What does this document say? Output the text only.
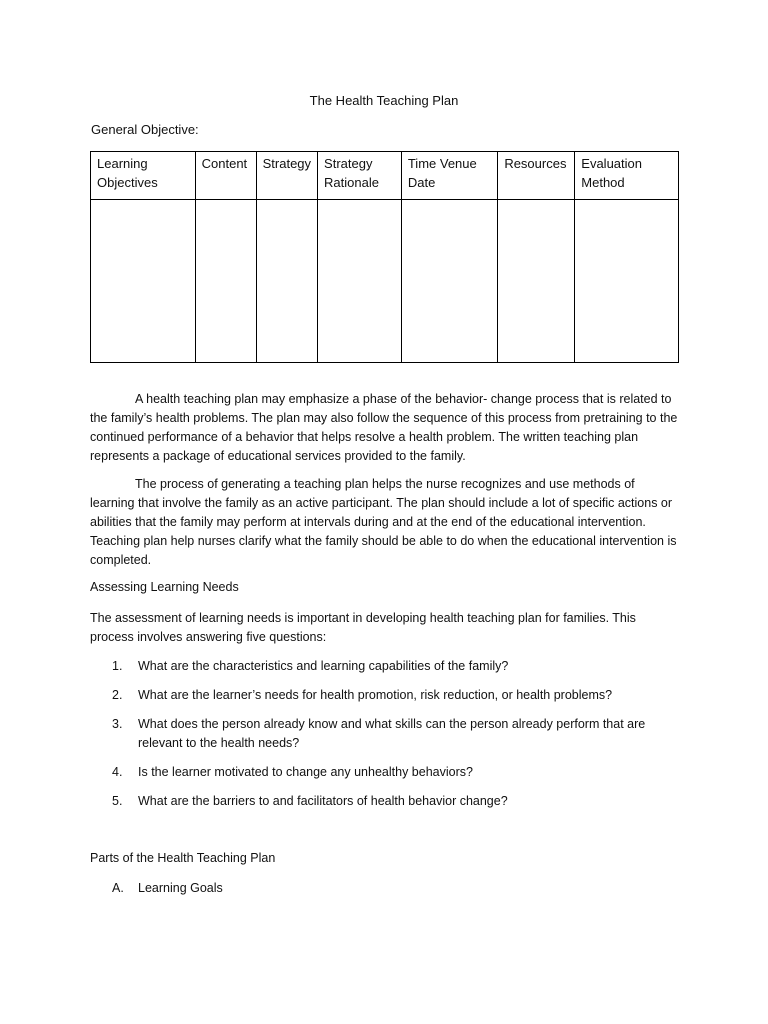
The Health Teaching Plan
General Objective:
Learning Objectives	Content	Strategy	Strategy Rationale	Time Venue Date	Resources	Evaluation Method

A health teaching plan may emphasize a phase of the behavior- change process that is related to the family’s health problems. The plan may also follow the sequence of this process from pretraining to the continued performance of a behavior that helps resolve a health problem. The written teaching plan represents a package of educational services provided to the family.

The process of generating a teaching plan helps the nurse recognizes and use methods of learning that involve the family as an active participant. The plan should include a lot of specific actions or abilities that the family may perform at intervals during and at the end of the educational intervention. Teaching plan help nurses clarify what the family should be able to do when the educational intervention is completed.

Assessing Learning Needs

The assessment of learning needs is important in developing health teaching plan for families. This process involves answering five questions:

1. What are the characteristics and learning capabilities of the family?
2. What are the learner’s needs for health promotion, risk reduction, or health problems?
3. What does the person already know and what skills can the person already perform that are relevant to the health needs?
4. Is the learner motivated to change any unhealthy behaviors?
5. What are the barriers to and facilitators of health behavior change?
Parts of the Health Teaching Plan
A. Learning Goals
